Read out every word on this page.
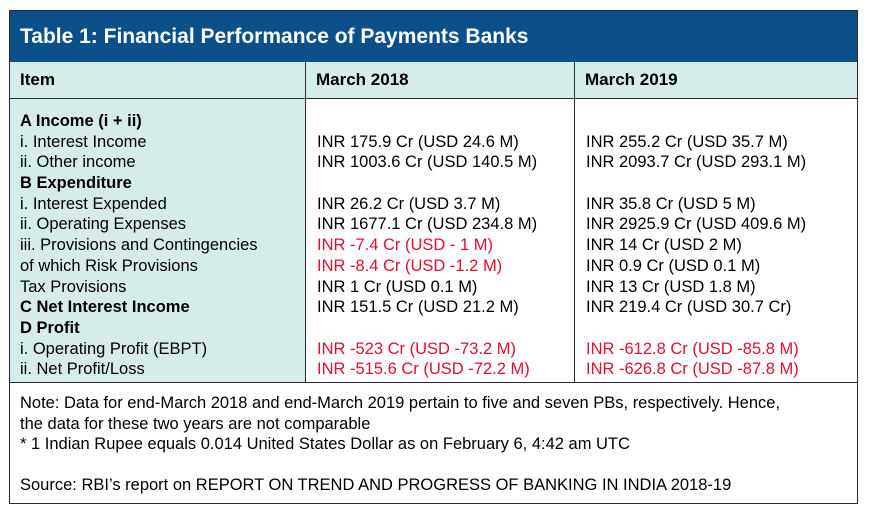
Table 1: Financial Performance of Payments Banks
Item	March 2018	March 2019
A Income (i + ii)
i. Interest Income
ii. Other income
B Expenditure
i. Interest Expended
ii. Operating Expenses
iii. Provisions and Contingencies
of which Risk Provisions
Tax Provisions
C Net Interest Income
D Profit
i. Operating Profit (EBPT)
ii. Net Profit/Loss
INR 175.9 Cr (USD 24.6 M)
INR 1003.6 Cr (USD 140.5 M)
INR 26.2 Cr (USD 3.7 M)
INR 1677.1 Cr (USD 234.8 M)
INR -7.4 Cr (USD - 1 M)
INR -8.4 Cr (USD -1.2 M)
INR 1 Cr (USD 0.1 M)
INR 151.5 Cr (USD 21.2 M)
INR -523 Cr (USD -73.2 M)
INR -515.6 Cr (USD -72.2 M)
INR 255.2 Cr (USD 35.7 M)
INR 2093.7 Cr (USD 293.1 M)
INR 35.8 Cr (USD 5 M)
INR 2925.9 Cr (USD 409.6 M)
INR 14 Cr (USD 2 M)
INR 0.9 Cr (USD 0.1 M)
INR 13 Cr (USD 1.8 M)
INR 219.4 Cr (USD 30.7 Cr)
INR -612.8 Cr (USD -85.8 M)
INR -626.8 Cr (USD -87.8 M)
Note: Data for end-March 2018 and end-March 2019 pertain to five and seven PBs, respectively. Hence,
the data for these two years are not comparable
* 1 Indian Rupee equals 0.014 United States Dollar as on February 6, 4:42 am UTC
Source: RBI’s report on REPORT ON TREND AND PROGRESS OF BANKING IN INDIA 2018-19
